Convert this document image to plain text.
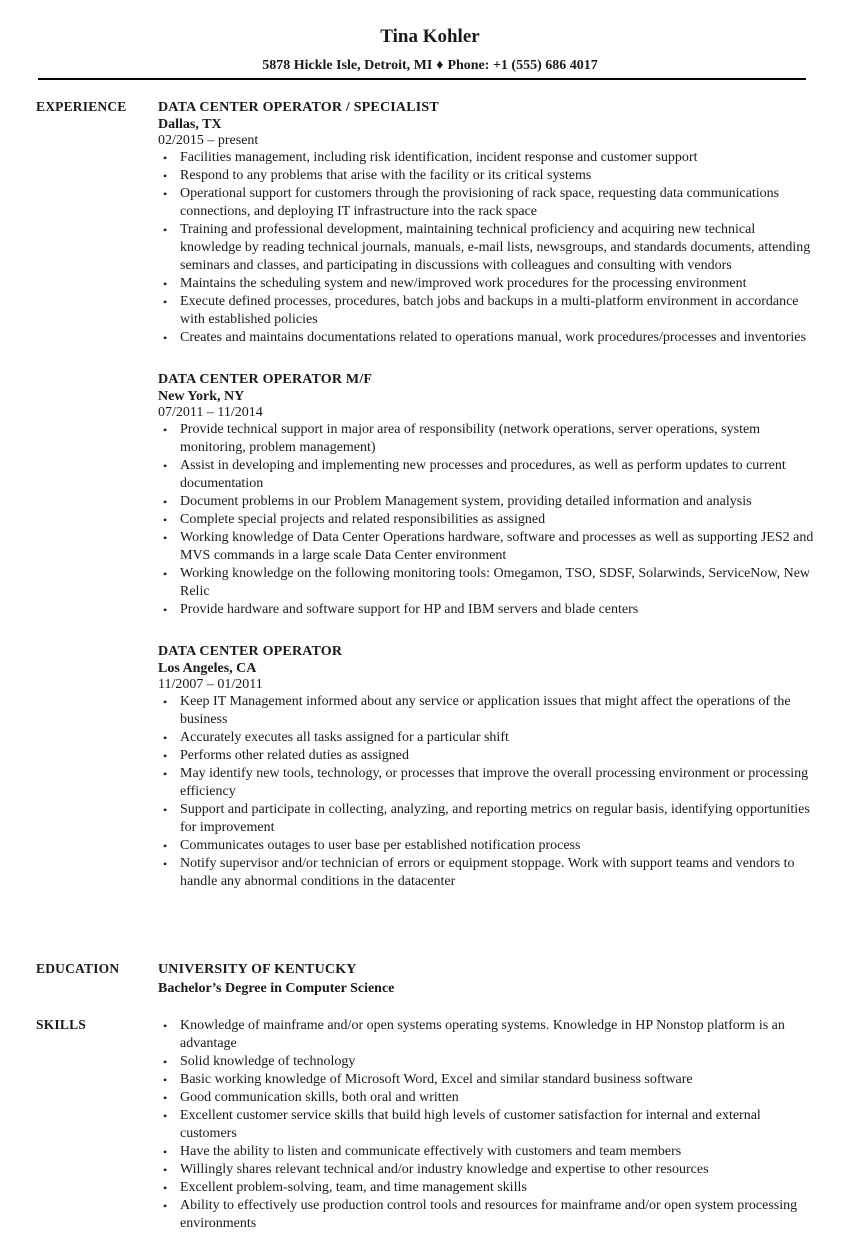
Tina Kohler
5878 Hickle Isle, Detroit, MI ♦ Phone: +1 (555) 686 4017
EXPERIENCE DATA CENTER OPERATOR / SPECIALIST
Dallas, TX
02/2015 – present
• Facilities management, including risk identification, incident response and customer support
• Respond to any problems that arise with the facility or its critical systems
• Operational support for customers through the provisioning of rack space, requesting data communications connections, and deploying IT infrastructure into the rack space
• Training and professional development, maintaining technical proficiency and acquiring new technical knowledge by reading technical journals, manuals, e-mail lists, newsgroups, and standards documents, attending seminars and classes, and participating in discussions with colleagues and consulting with vendors
• Maintains the scheduling system and new/improved work procedures for the processing environment
• Execute defined processes, procedures, batch jobs and backups in a multi-platform environment in accordance with established policies
• Creates and maintains documentations related to operations manual, work procedures/processes and inventories
DATA CENTER OPERATOR M/F
New York, NY
07/2011 – 11/2014
• Provide technical support in major area of responsibility (network operations, server operations, system monitoring, problem management)
• Assist in developing and implementing new processes and procedures, as well as perform updates to current documentation
• Document problems in our Problem Management system, providing detailed information and analysis
• Complete special projects and related responsibilities as assigned
• Working knowledge of Data Center Operations hardware, software and processes as well as supporting JES2 and MVS commands in a large scale Data Center environment
• Working knowledge on the following monitoring tools: Omegamon, TSO, SDSF, Solarwinds, ServiceNow, New Relic
• Provide hardware and software support for HP and IBM servers and blade centers
DATA CENTER OPERATOR
Los Angeles, CA
11/2007 – 01/2011
• Keep IT Management informed about any service or application issues that might affect the operations of the business
• Accurately executes all tasks assigned for a particular shift
• Performs other related duties as assigned
• May identify new tools, technology, or processes that improve the overall processing environment or processing efficiency
• Support and participate in collecting, analyzing, and reporting metrics on regular basis, identifying opportunities for improvement
• Communicates outages to user base per established notification process
• Notify supervisor and/or technician of errors or equipment stoppage. Work with support teams and vendors to handle any abnormal conditions in the datacenter
EDUCATION	UNIVERSITY OF KENTUCKY
Bachelor’s Degree in Computer Science
SKILLS	• Knowledge of mainframe and/or open systems operating systems. Knowledge in HP Nonstop platform is an advantage
• Solid knowledge of technology
• Basic working knowledge of Microsoft Word, Excel and similar standard business software
• Good communication skills, both oral and written
• Excellent customer service skills that build high levels of customer satisfaction for internal and external customers
• Have the ability to listen and communicate effectively with customers and team members
• Willingly shares relevant technical and/or industry knowledge and expertise to other resources
• Excellent problem-solving, team, and time management skills
• Ability to effectively use production control tools and resources for mainframe and/or open system processing environments
